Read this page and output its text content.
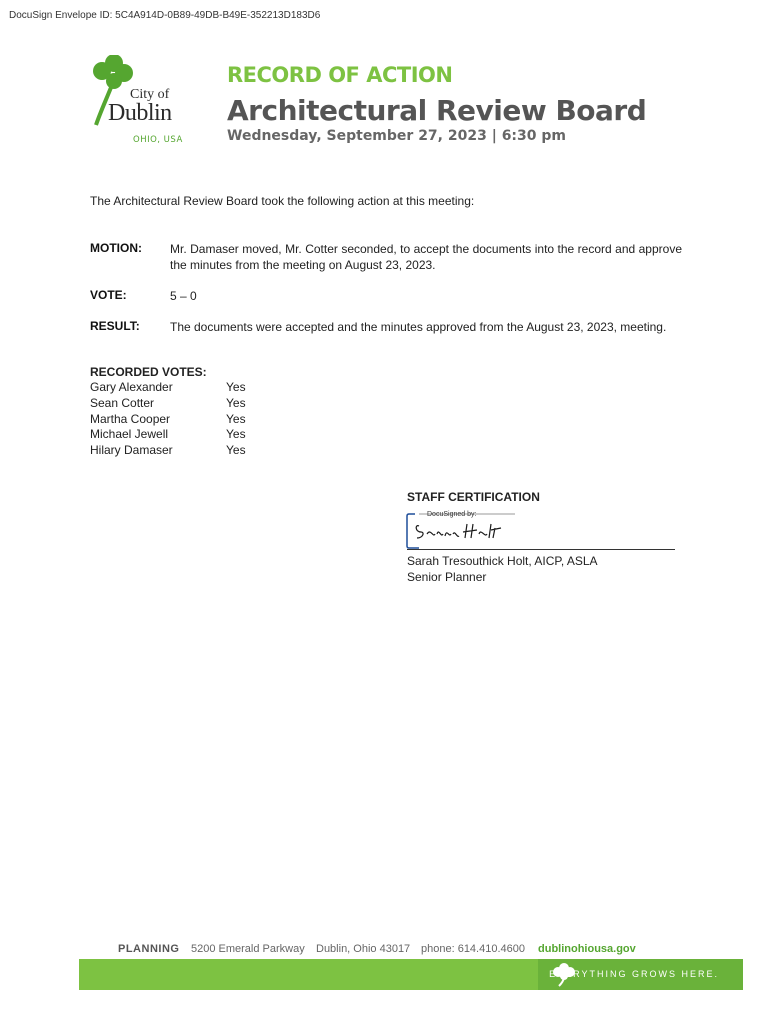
DocuSign Envelope ID: 5C4A914D-0B89-49DB-B49E-352213D183D6
City of
Dublin
OHIO, USA
RECORD OF ACTION
Architectural Review Board
Wednesday, September 27, 2023 | 6:30 pm
The Architectural Review Board took the following action at this meeting:
MOTION: Mr. Damaser moved, Mr. Cotter seconded, to accept the documents into the record and approve the minutes from the meeting on August 23, 2023.
VOTE:	5 – 0
RESULT:	The documents were accepted and the minutes approved from the August 23, 2023, meeting.
RECORDED VOTES:
Gary Alexander	Yes
Sean Cotter	Yes
Martha Cooper	Yes
Michael Jewell	Yes
Hilary Damaser	Yes
STAFF CERTIFICATION
DocuSigned by:
Sarah Tresouthick Holt, AICP, ASLA
Senior Planner
PLANNING 5200 Emerald Parkway Dublin, Ohio 43017 phone: 614.410.4600 dublinohiousa.gov
EVERYTHING GROWS HERE.
